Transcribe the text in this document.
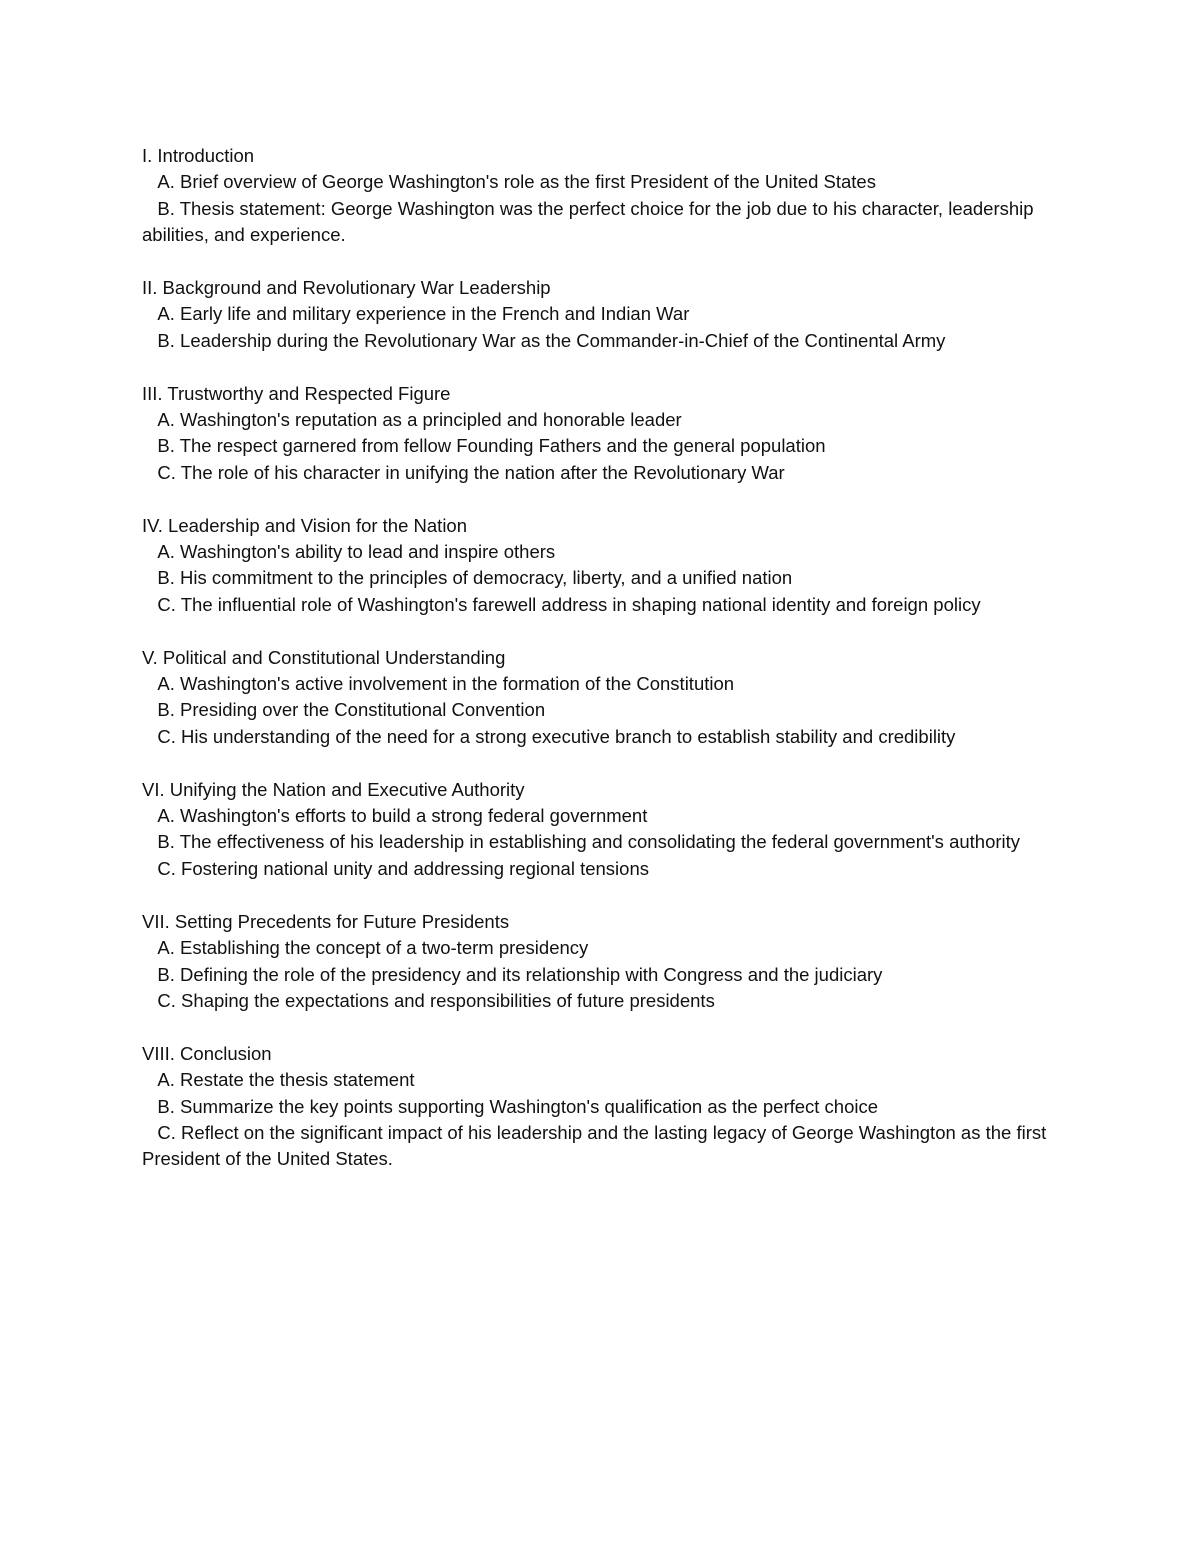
I. Introduction
A. Brief overview of George Washington's role as the first President of the United States
B. Thesis statement: George Washington was the perfect choice for the job due to his character, leadership abilities, and experience.
II. Background and Revolutionary War Leadership
A. Early life and military experience in the French and Indian War
B. Leadership during the Revolutionary War as the Commander-in-Chief of the Continental Army
III. Trustworthy and Respected Figure
A. Washington's reputation as a principled and honorable leader
B. The respect garnered from fellow Founding Fathers and the general population
C. The role of his character in unifying the nation after the Revolutionary War
IV. Leadership and Vision for the Nation
A. Washington's ability to lead and inspire others
B. His commitment to the principles of democracy, liberty, and a unified nation
C. The influential role of Washington's farewell address in shaping national identity and foreign policy
V. Political and Constitutional Understanding
A. Washington's active involvement in the formation of the Constitution
B. Presiding over the Constitutional Convention
C. His understanding of the need for a strong executive branch to establish stability and credibility
VI. Unifying the Nation and Executive Authority
A. Washington's efforts to build a strong federal government
B. The effectiveness of his leadership in establishing and consolidating the federal government's authority
C. Fostering national unity and addressing regional tensions
VII. Setting Precedents for Future Presidents
A. Establishing the concept of a two-term presidency
B. Defining the role of the presidency and its relationship with Congress and the judiciary
C. Shaping the expectations and responsibilities of future presidents
VIII. Conclusion
A. Restate the thesis statement
B. Summarize the key points supporting Washington's qualification as the perfect choice
C. Reflect on the significant impact of his leadership and the lasting legacy of George Washington as the first President of the United States.
